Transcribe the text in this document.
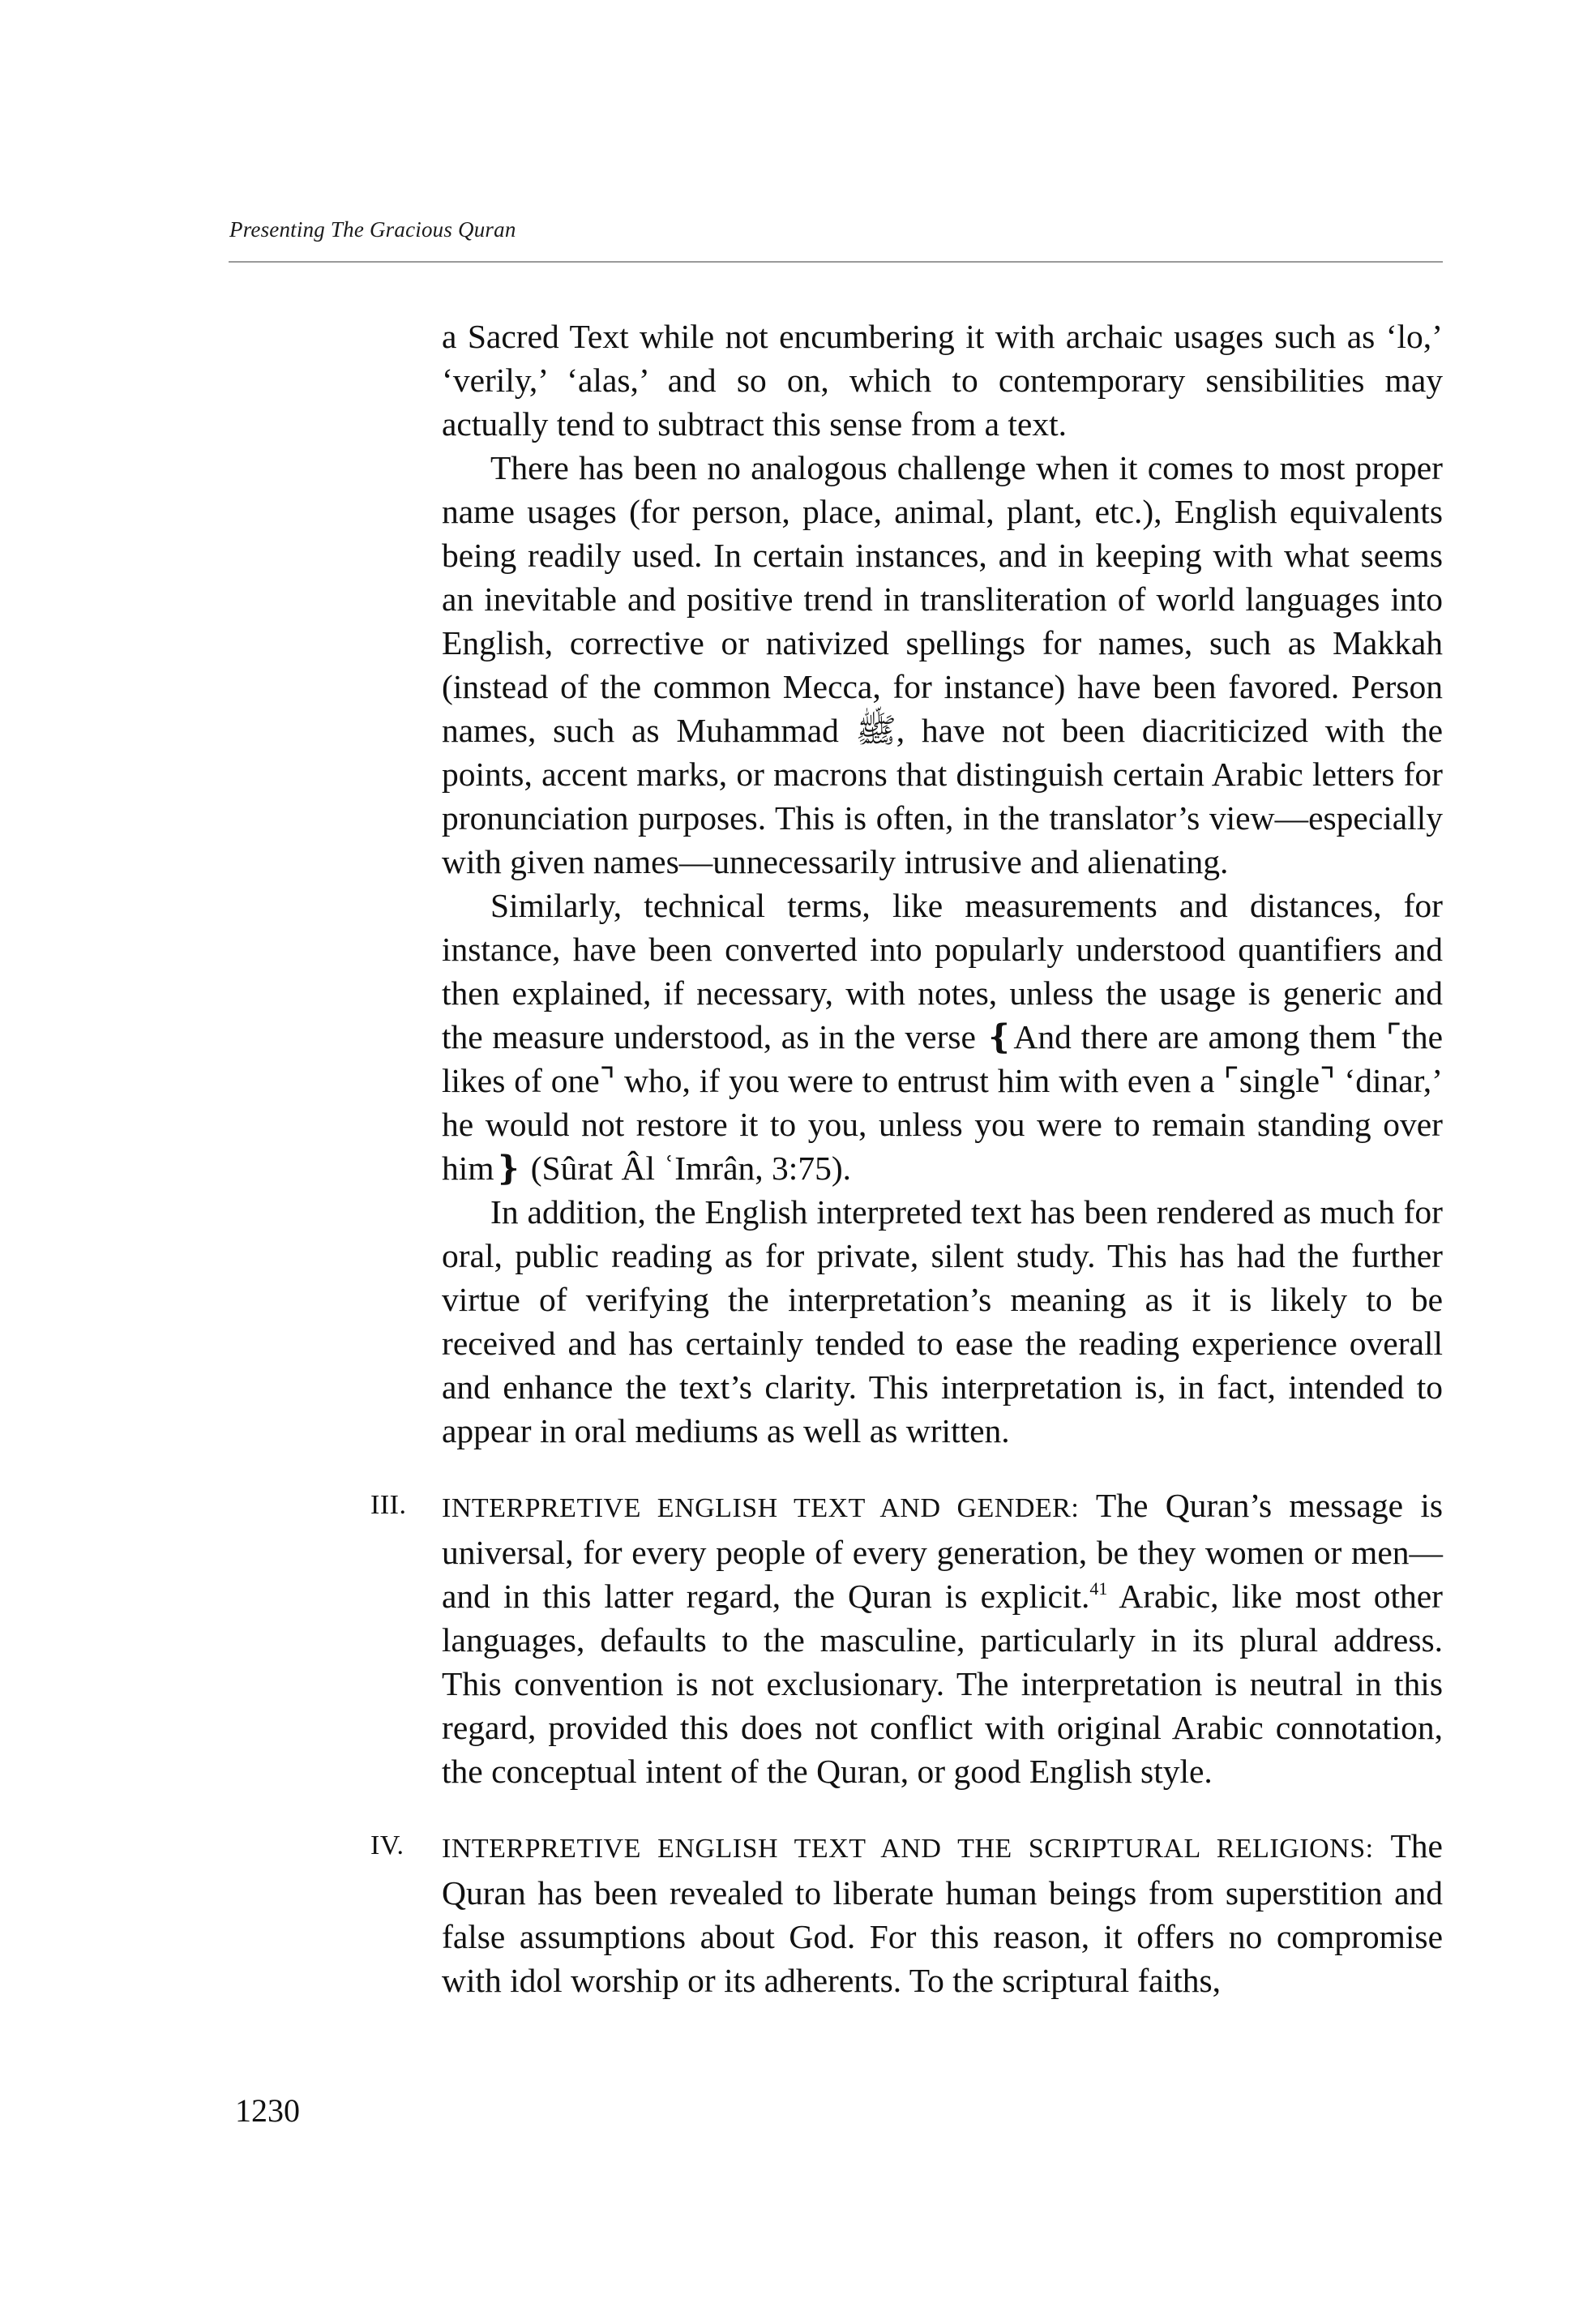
Presenting The Gracious Quran

a Sacred Text while not encumbering it with archaic usages such as ‘lo,’ ‘verily,’ ‘alas,’ and so on, which to contemporary sensibilities may actually tend to subtract this sense from a text.

There has been no analogous challenge when it comes to most proper name usages (for person, place, animal, plant, etc.), English equivalents being readily used. In certain instances, and in keeping with what seems an inevitable and positive trend in transliteration of world languages into English, corrective or nativized spellings for names, such as Makkah (instead of the common Mecca, for instance) have been favored. Person names, such as Muhammad ﷺ, have not been diacriticized with the points, accent marks, or macrons that distinguish certain Arabic letters for pronunciation purposes. This is often, in the translator’s view—especially with given names—unnecessarily intrusive and alienating.

Similarly, technical terms, like measurements and distances, for instance, have been converted into popularly understood quantifiers and then explained, if necessary, with notes, unless the usage is generic and the measure understood, as in the verse ❴And there are among them ⌜the likes of one⌝ who, if you were to entrust him with even a ⌜single⌝ ‘dinar,’ he would not restore it to you, unless you were to remain standing over him❵ (Sûrat Âl ʿImrân, 3:75).

In addition, the English interpreted text has been rendered as much for oral, public reading as for private, silent study. This has had the further virtue of verifying the interpretation’s meaning as it is likely to be received and has certainly tended to ease the reading experience overall and enhance the text’s clarity. This interpretation is, in fact, intended to appear in oral mediums as well as written.

III. INTERPRETIVE ENGLISH TEXT AND GENDER: The Quran’s message is universal, for every people of every generation, be they women or men—and in this latter regard, the Quran is explicit.$^{41}$ Arabic, like most other languages, defaults to the masculine, particularly in its plural address. This convention is not exclusionary. The interpretation is neutral in this regard, provided this does not conflict with original Arabic connotation, the conceptual intent of the Quran, or good English style.

IV. INTERPRETIVE ENGLISH TEXT AND THE SCRIPTURAL RELIGIONS: The Quran has been revealed to liberate human beings from superstition and false assumptions about God. For this reason, it offers no compromise with idol worship or its adherents. To the scriptural faiths,

1230
